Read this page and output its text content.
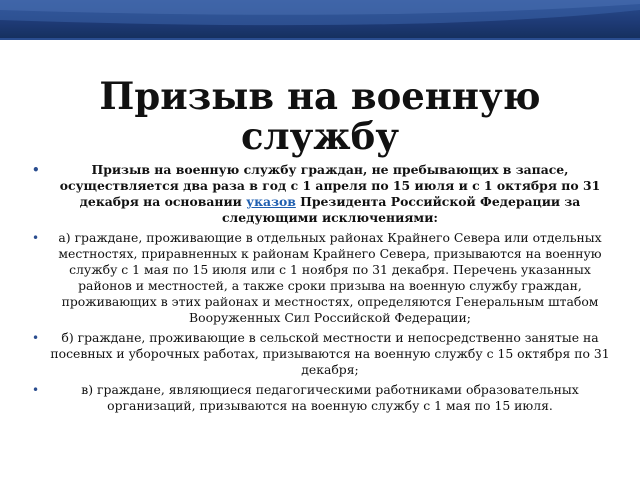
Призыв на военную службу
•	Призыв на военную службу граждан, не пребывающих в запасе, осуществляется два раза в год с 1 апреля по 15 июля и с 1 октября по 31 декабря на основании указов Президента Российской Федерации за следующими исключениями:
• а) граждане, проживающие в отдельных районах Крайнего Севера или отдельных местностях, приравненных к районам Крайнего Севера, призываются на военную службу с 1 мая по 15 июля или с 1 ноября по 31 декабря. Перечень указанных районов и местностей, а также сроки призыва на военную службу граждан, проживающих в этих районах и местностях, определяются Генеральным штабом Вооруженных Сил Российской Федерации;
• б) граждане, проживающие в сельской местности и непосредственно занятые на посевных и уборочных работах, призываются на военную службу с 15 октября по 31 декабря;
•	в) граждане, являющиеся педагогическими работниками образовательных организаций, призываются на военную службу с 1 мая по 15 июля.
